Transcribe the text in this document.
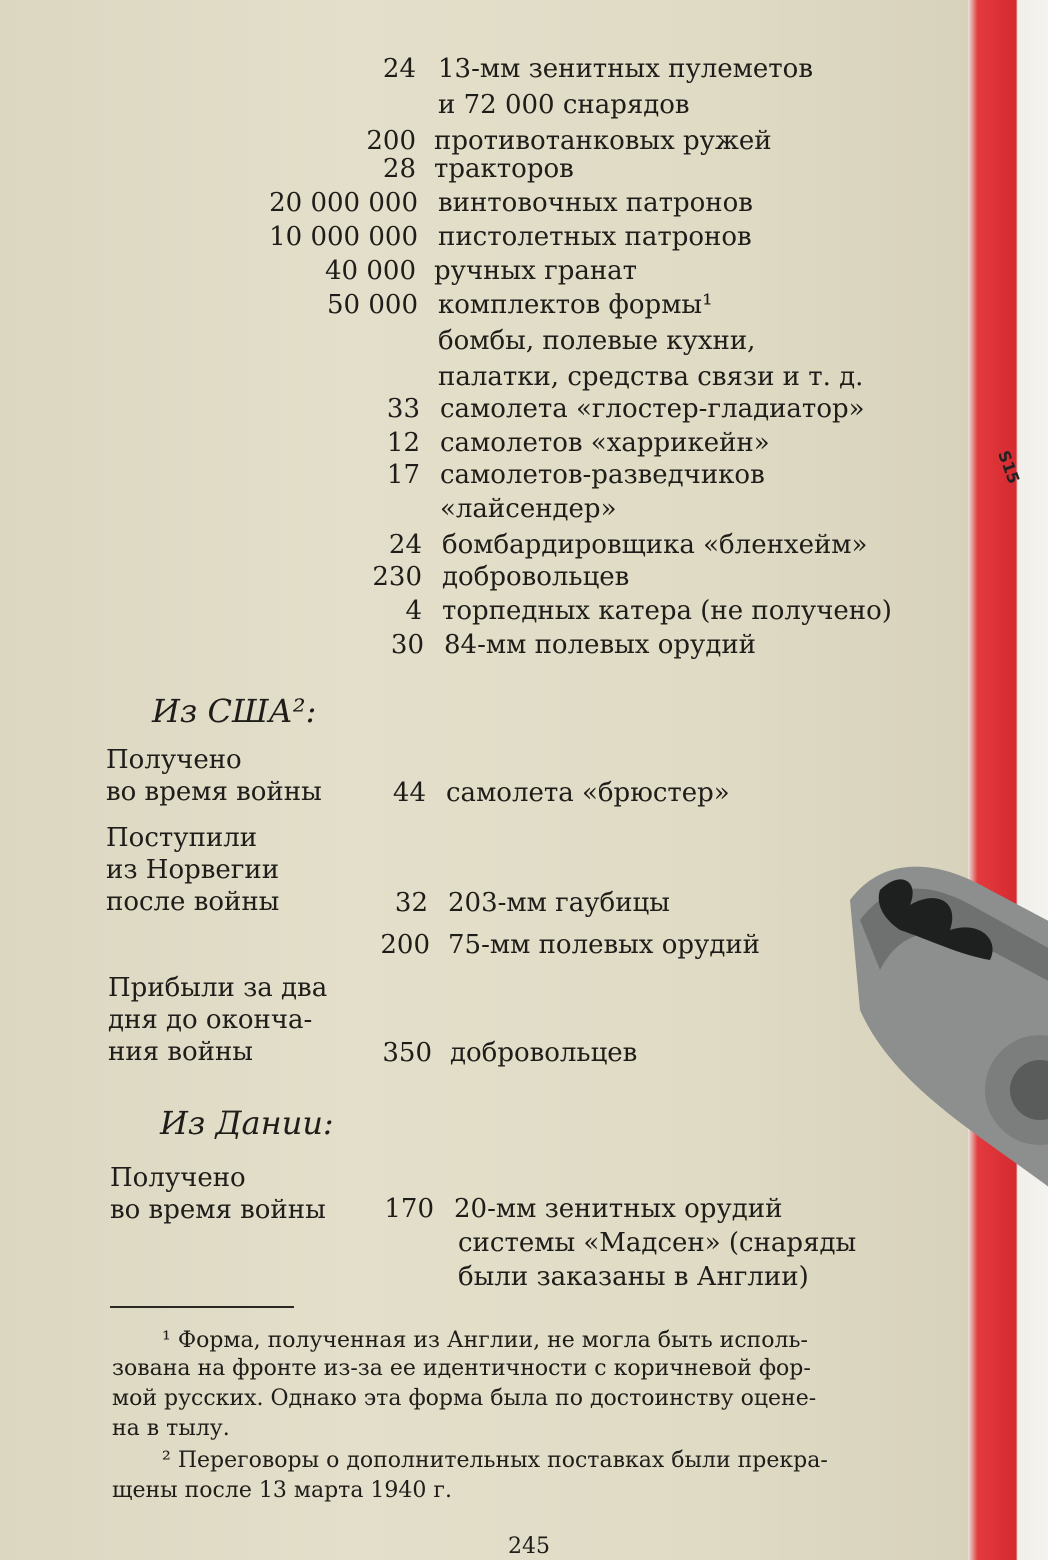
24 13-мм зенитных пулеметов
и 72 000 снарядов
200 противотанковых ружей
28 тракторов
20 000 000 винтовочных патронов
10 000 000 пистолетных патронов
40 000 ручных гранат
50 000 комплектов формы¹
бомбы, полевые кухни,
палатки, средства связи и т. д.
33 самолета «глостер-гладиатор»
12 самолетов «харрикейн»
17 самолетов-разведчиков
«лайсендер»
24 бомбардировщика «бленхейм»
230 добровольцев
4 торпедных катера (не получено)
30 84-мм полевых орудий
Из США²:
Получено
во время войны	44 самолета «брюстер»
Поступили
из Норвегии
после войны	32 203-мм гаубицы
200 75-мм полевых орудий
Прибыли за два
дня до оконча-
ния войны	350 добровольцев
Из Дании:
Получено
во время войны	170 20-мм зенитных орудий
системы «Мадсен» (снаряды
были заказаны в Англии)
¹ Форма, полученная из Англии, не могла быть исполь-
зована на фронте из-за ее идентичности с коричневой фор-
мой русских. Однако эта форма была по достоинству оцене-
на в тылу.
² Переговоры о дополнительных поставках были прекра-
щены после 13 марта 1940 г.
245
S15
